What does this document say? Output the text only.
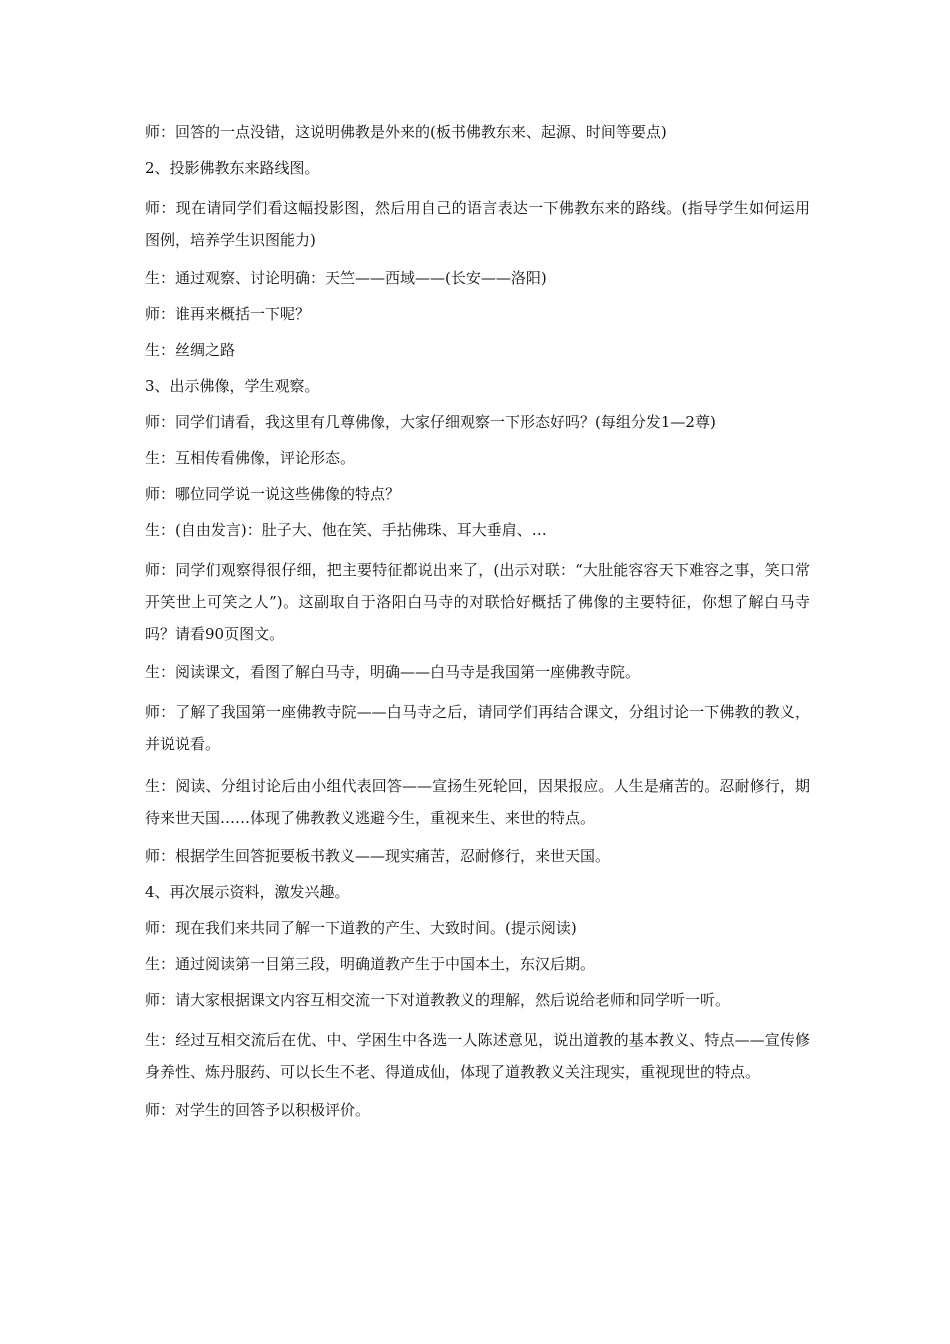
师：回答的一点没错，这说明佛教是外来的(板书佛教东来、起源、时间等要点)

2、投影佛教东来路线图。

师：现在请同学们看这幅投影图，然后用自己的语言表达一下佛教东来的路线。(指导学生如何运用图例，培养学生识图能力)

生：通过观察、讨论明确：天竺——西域——(长安——洛阳)

师：谁再来概括一下呢？

生：丝绸之路

3、出示佛像，学生观察。

师：同学们请看，我这里有几尊佛像，大家仔细观察一下形态好吗？(每组分发1—2尊)

生：互相传看佛像，评论形态。

师：哪位同学说一说这些佛像的特点？

生：(自由发言)：肚子大、他在笑、手拈佛珠、耳大垂肩、…

师：同学们观察得很仔细，把主要特征都说出来了，(出示对联：“大肚能容容天下难容之事，笑口常开笑世上可笑之人”)。这副取自于洛阳白马寺的对联恰好概括了佛像的主要特征，你想了解白马寺吗？请看90页图文。

生：阅读课文，看图了解白马寺，明确——白马寺是我国第一座佛教寺院。

师：了解了我国第一座佛教寺院——白马寺之后，请同学们再结合课文，分组讨论一下佛教的教义，并说说看。

生：阅读、分组讨论后由小组代表回答——宣扬生死轮回，因果报应。人生是痛苦的。忍耐修行，期待来世天国……体现了佛教教义逃避今生，重视来生、来世的特点。

师：根据学生回答扼要板书教义——现实痛苦，忍耐修行，来世天国。

4、再次展示资料，激发兴趣。

师：现在我们来共同了解一下道教的产生、大致时间。(提示阅读)

生：通过阅读第一目第三段，明确道教产生于中国本土，东汉后期。

师：请大家根据课文内容互相交流一下对道教教义的理解，然后说给老师和同学听一听。

生：经过互相交流后在优、中、学困生中各选一人陈述意见，说出道教的基本教义、特点——宣传修身养性、炼丹服药、可以长生不老、得道成仙，体现了道教教义关注现实，重视现世的特点。

师：对学生的回答予以积极评价。
